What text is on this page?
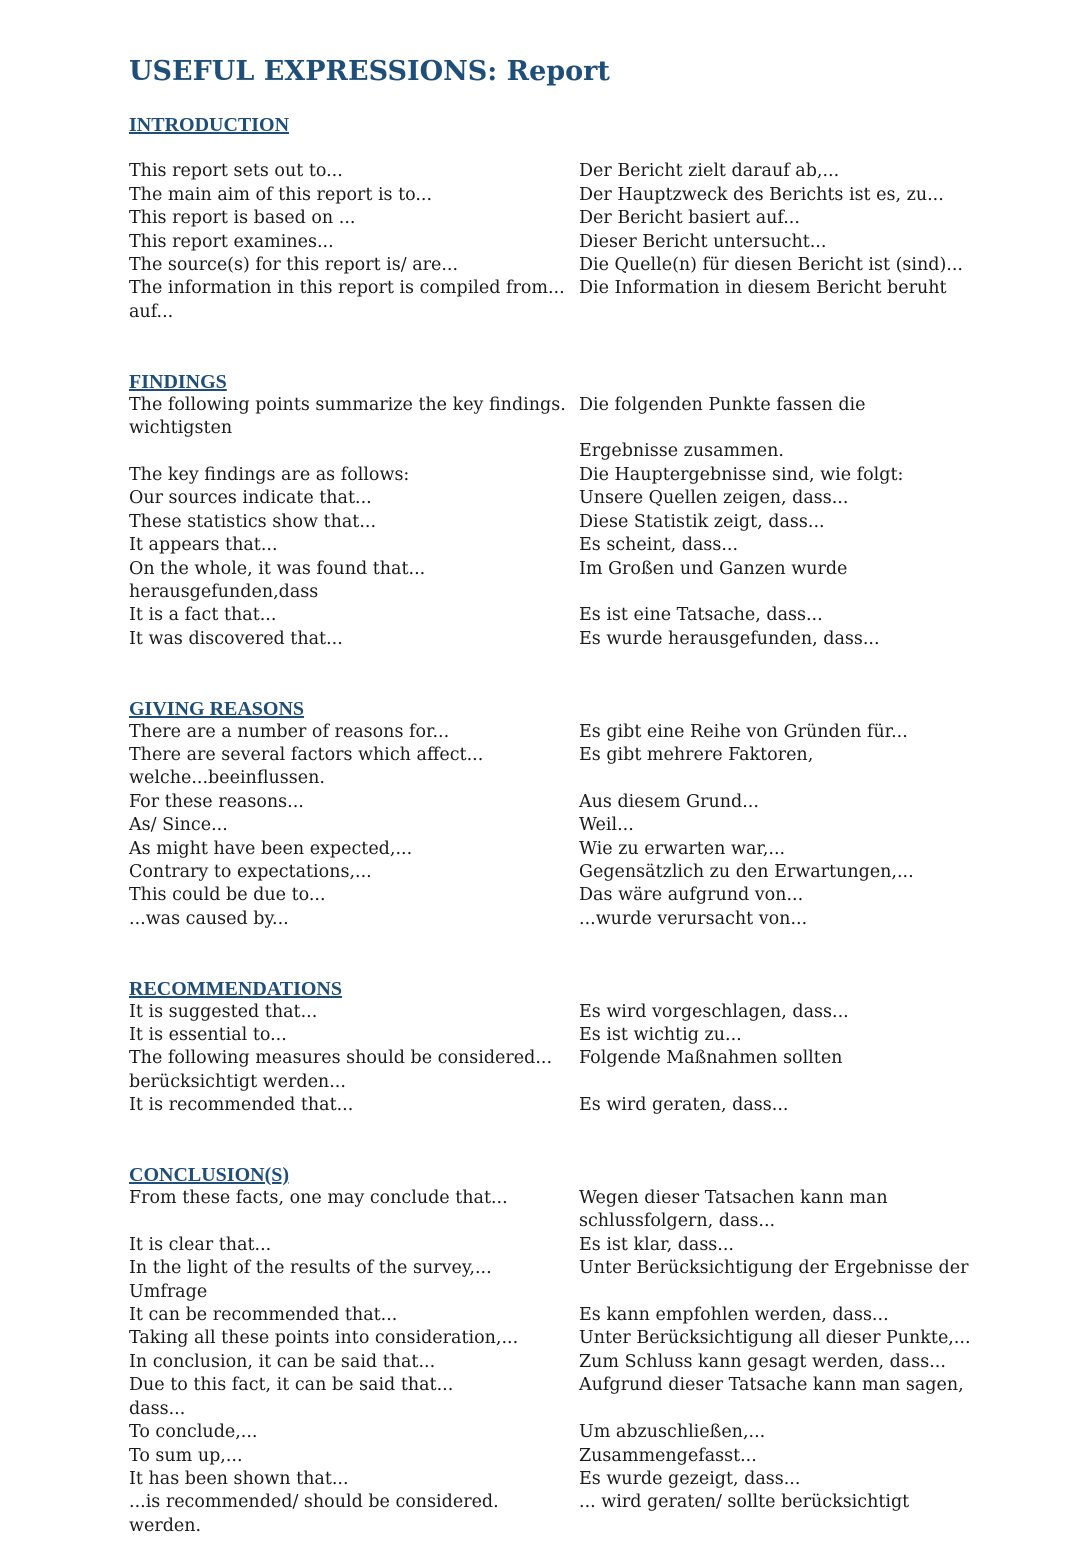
USEFUL EXPRESSIONS: Report
INTRODUCTION

This report sets out to...	Der Bericht zielt darauf ab,...
The main aim of this report is to...	Der Hauptzweck des Berichts ist es, zu...
This report is based on ...	Der Bericht basiert auf...
This report examines...	Dieser Bericht untersucht...
The source(s) for this report is/ are...	Die Quelle(n) für diesen Bericht ist (sind)...
The information in this report is compiled from... Die Information in diesem Bericht beruht
auf...

FINDINGS
The following points summarize the key findings. Die folgenden Punkte fassen die
wichtigsten

Ergebnisse zusammen.
The key findings are as follows:	Die Hauptergebnisse sind, wie folgt:
Our sources indicate that...	Unsere Quellen zeigen, dass...
These statistics show that...	Diese Statistik zeigt, dass...
It appears that...	Es scheint, dass...
On the whole, it was found that...	Im Großen und Ganzen wurde
herausgefunden,dass

It is a fact that...	Es ist eine Tatsache, dass...
It was discovered that...	Es wurde herausgefunden, dass...

GIVING REASONS
There are a number of reasons for...	Es gibt eine Reihe von Gründen für...
There are several factors which affect...	Es gibt mehrere Faktoren,
welche...beeinflussen.

For these reasons...	Aus diesem Grund...
As/ Since...	Weil...
As might have been expected,...	Wie zu erwarten war,...
Contrary to expectations,...	Gegensätzlich zu den Erwartungen,...
This could be due to...	Das wäre aufgrund von...
...was caused by...	...wurde verursacht von...

RECOMMENDATIONS
It is suggested that...	Es wird vorgeschlagen, dass...
It is essential to...	Es ist wichtig zu...
The following measures should be considered...	Folgende Maßnahmen sollten
berücksichtigt werden...

It is recommended that...	Es wird geraten, dass...

CONCLUSION(S)
From these facts, one may conclude that...	Wegen dieser Tatsachen kann man

schlussfolgern, dass...
It is clear that...	Es ist klar, dass...
In the light of the results of the survey,...	Unter Berücksichtigung der Ergebnisse der
Umfrage

It can be recommended that...	Es kann empfohlen werden, dass...
Taking all these points into consideration,...	Unter Berücksichtigung all dieser Punkte,...
In conclusion, it can be said that...	Zum Schluss kann gesagt werden, dass...
Due to this fact, it can be said that...	Aufgrund dieser Tatsache kann man sagen,
dass...

To conclude,...	Um abzuschließen,...
To sum up,...	Zusammengefasst...
It has been shown that...	Es wurde gezeigt, dass...
...is recommended/ should be considered.	... wird geraten/ sollte berücksichtigt
werden.
